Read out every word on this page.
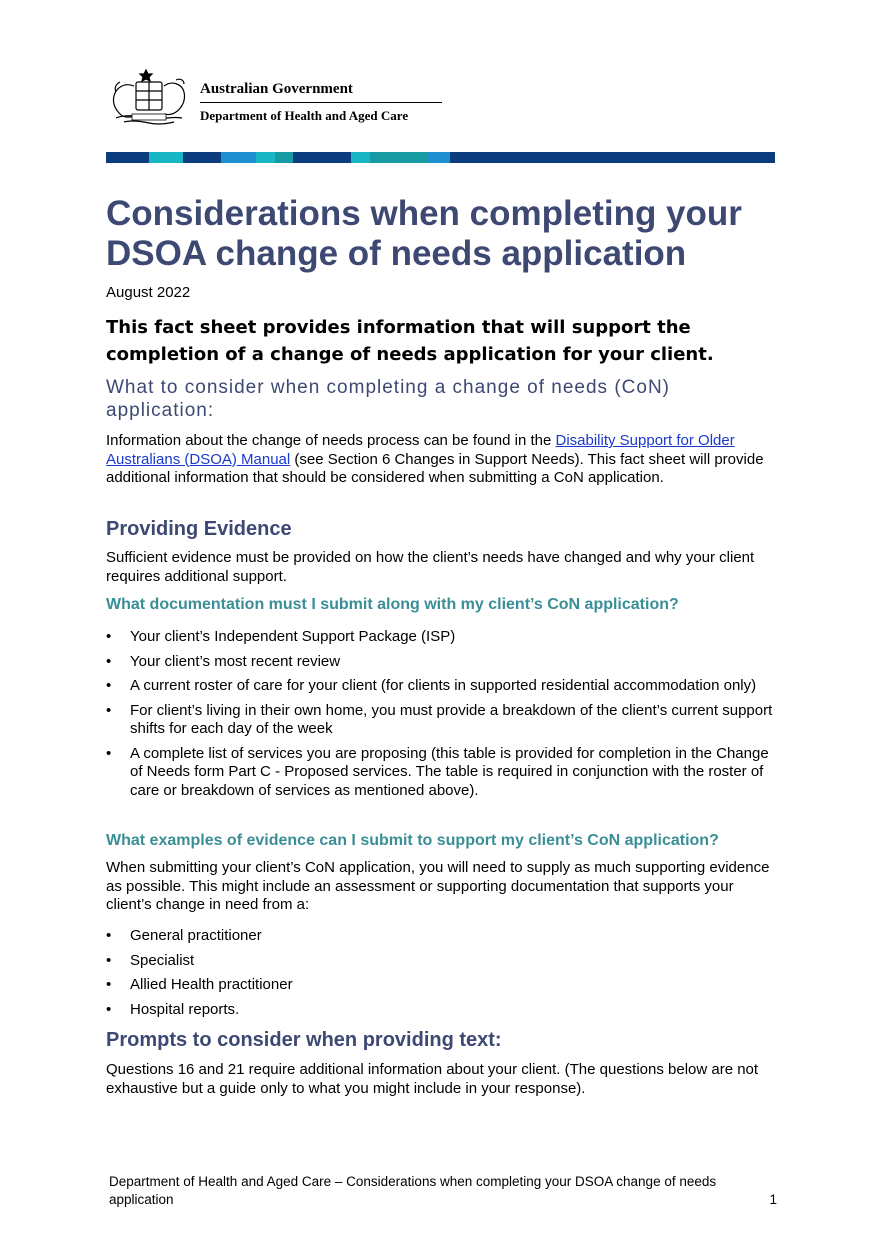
Australian Government
Department of Health and Aged Care
Considerations when completing your DSOA change of needs application
August 2022
This fact sheet provides information that will support the completion of a change of needs application for your client.
What to consider when completing a change of needs (CoN) application:

Information about the change of needs process can be found in the Disability Support for Older Australians (DSOA) Manual (see Section 6 Changes in Support Needs). This fact sheet will provide additional information that should be considered when submitting a CoN application.

Providing Evidence

Sufficient evidence must be provided on how the client’s needs have changed and why your client requires additional support.

What documentation must I submit along with my client’s CoN application?
• Your client’s Independent Support Package (ISP)
• Your client’s most recent review
• A current roster of care for your client (for clients in supported residential accommodation only)
• For client’s living in their own home, you must provide a breakdown of the client’s current support shifts for each day of the week
• A complete list of services you are proposing (this table is provided for completion in the Change of Needs form Part C - Proposed services. The table is required in conjunction with the roster of care or breakdown of services as mentioned above).
What examples of evidence can I submit to support my client’s CoN application?

When submitting your client’s CoN application, you will need to supply as much supporting evidence as possible. This might include an assessment or supporting documentation that supports your client’s change in need from a:

• General practitioner
• Specialist
• Allied Health practitioner
• Hospital reports.
Prompts to consider when providing text:

Questions 16 and 21 require additional information about your client. (The questions below are not exhaustive but a guide only to what you might include in your response).

Department of Health and Aged Care – Considerations when completing your DSOA change of needs application	1
